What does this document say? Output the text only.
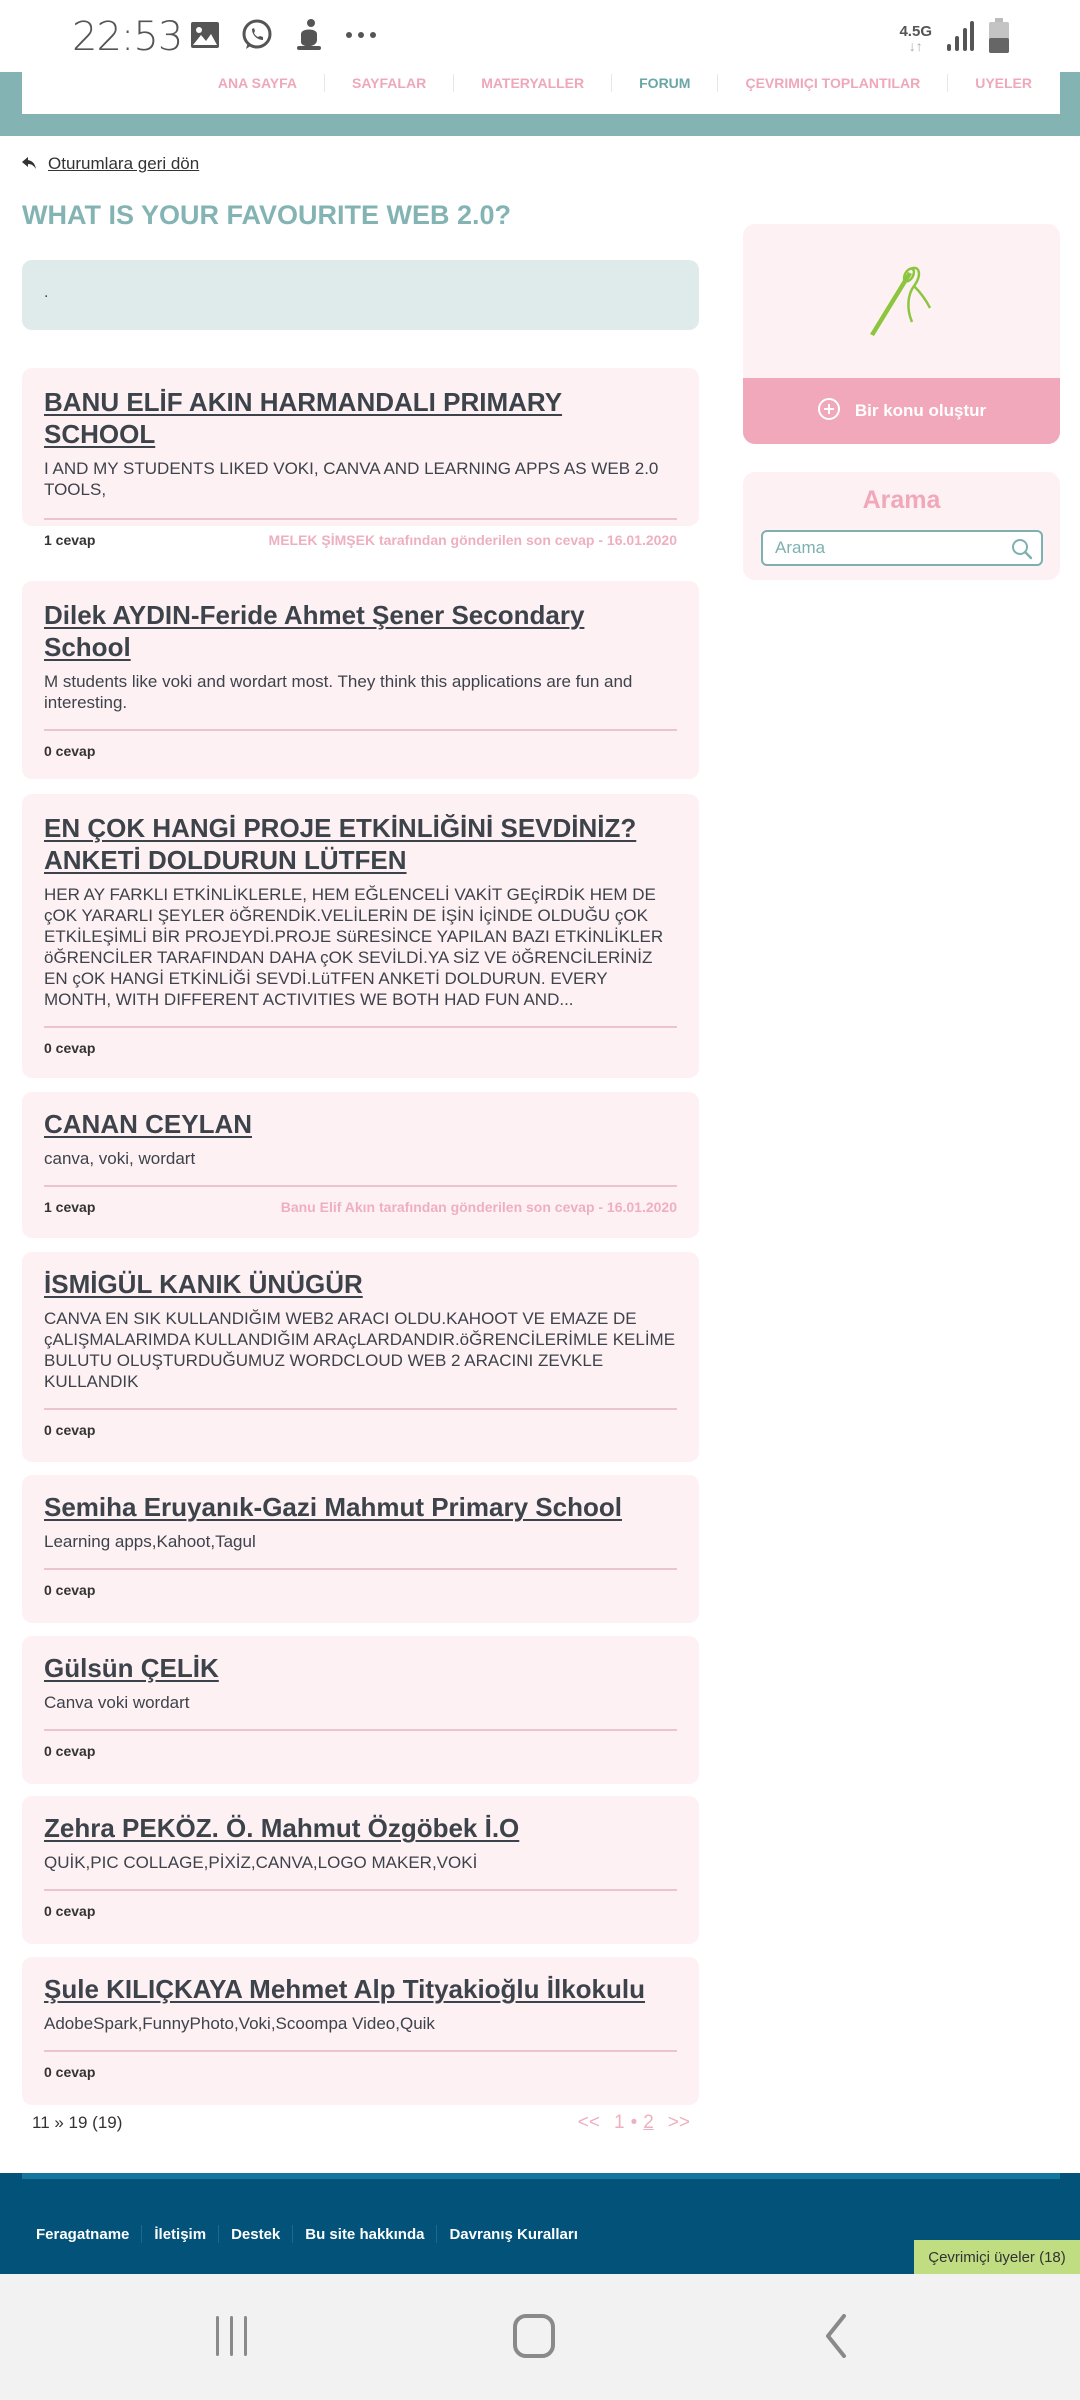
22:53	4.5G
↓↑
ANA SAYFA	SAYFALAR	MATERYALLER	FORUM	ÇEVRIMIÇI TOPLANTILAR	UYELER
Oturumlara geri dön
WHAT IS YOUR FAVOURITE WEB 2.0?
.
BANU ELİF AKIN HARMANDALI PRIMARY SCHOOL
I AND MY STUDENTS LIKED VOKI, CANVA AND LEARNING APPS AS WEB 2.0 TOOLS,
1 cevap	MELEK ŞİMŞEK tarafından gönderilen son cevap - 16.01.2020
Dilek AYDIN-Feride Ahmet Şener Secondary School
M students like voki and wordart most. They think this applications are fun and interesting.
0 cevap
EN ÇOK HANGİ PROJE ETKİNLİĞİNİ SEVDİNİZ? ANKETİ DOLDURUN LÜTFEN
HER AY FARKLI ETKİNLİKLERLE, HEM EĞLENCELİ VAKİT GEçİRDİK HEM DE çOK YARARLI ŞEYLER öĞRENDİK.VELİLERİN DE İŞİN İçİNDE OLDUĞU çOK ETKİLEŞİMLİ BİR PROJEYDİ.PROJE SüRESİNCE YAPILAN BAZI ETKİNLİKLER öĞRENCİLER TARAFINDAN DAHA çOK SEVİLDİ.YA SİZ VE öĞRENCİLERİNİZ EN çOK HANGİ ETKİNLİĞİ SEVDİ.LüTFEN ANKETİ DOLDURUN. EVERY MONTH, WITH DIFFERENT ACTIVITIES WE BOTH HAD FUN AND...
0 cevap
CANAN CEYLAN
canva, voki, wordart
1 cevap	Banu Elif Akın tarafından gönderilen son cevap - 16.01.2020
İSMİGÜL KANIK ÜNÜGÜR
CANVA EN SIK KULLANDIĞIM WEB2 ARACI OLDU.KAHOOT VE EMAZE DE çALIŞMALARIMDA KULLANDIĞIM ARAçLARDANDIR.öĞRENCİLERİMLE KELİME BULUTU OLUŞTURDUĞUMUZ WORDCLOUD WEB 2 ARACINI ZEVKLE KULLANDIK
0 cevap
Semiha Eruyanık-Gazi Mahmut Primary School
Learning apps,Kahoot,Tagul
0 cevap
Gülsün ÇELİK
Canva voki wordart
0 cevap
Zehra PEKÖZ. Ö. Mahmut Özgöbek İ.O
QUİK,PIC COLLAGE,PİXİZ,CANVA,LOGO MAKER,VOKİ
0 cevap
Şule KILIÇKAYA Mehmet Alp Tityakioğlu İlkokulu
AdobeSpark,FunnyPhoto,Voki,Scoompa Video,Quik
0 cevap
11 » 19 (19)	<< 1 • 2 >>
Bir konu oluştur
Arama
Arama
Feragatname İletişim Destek Bu site hakkında Davranış Kuralları
Çevrimiçi üyeler (18)
